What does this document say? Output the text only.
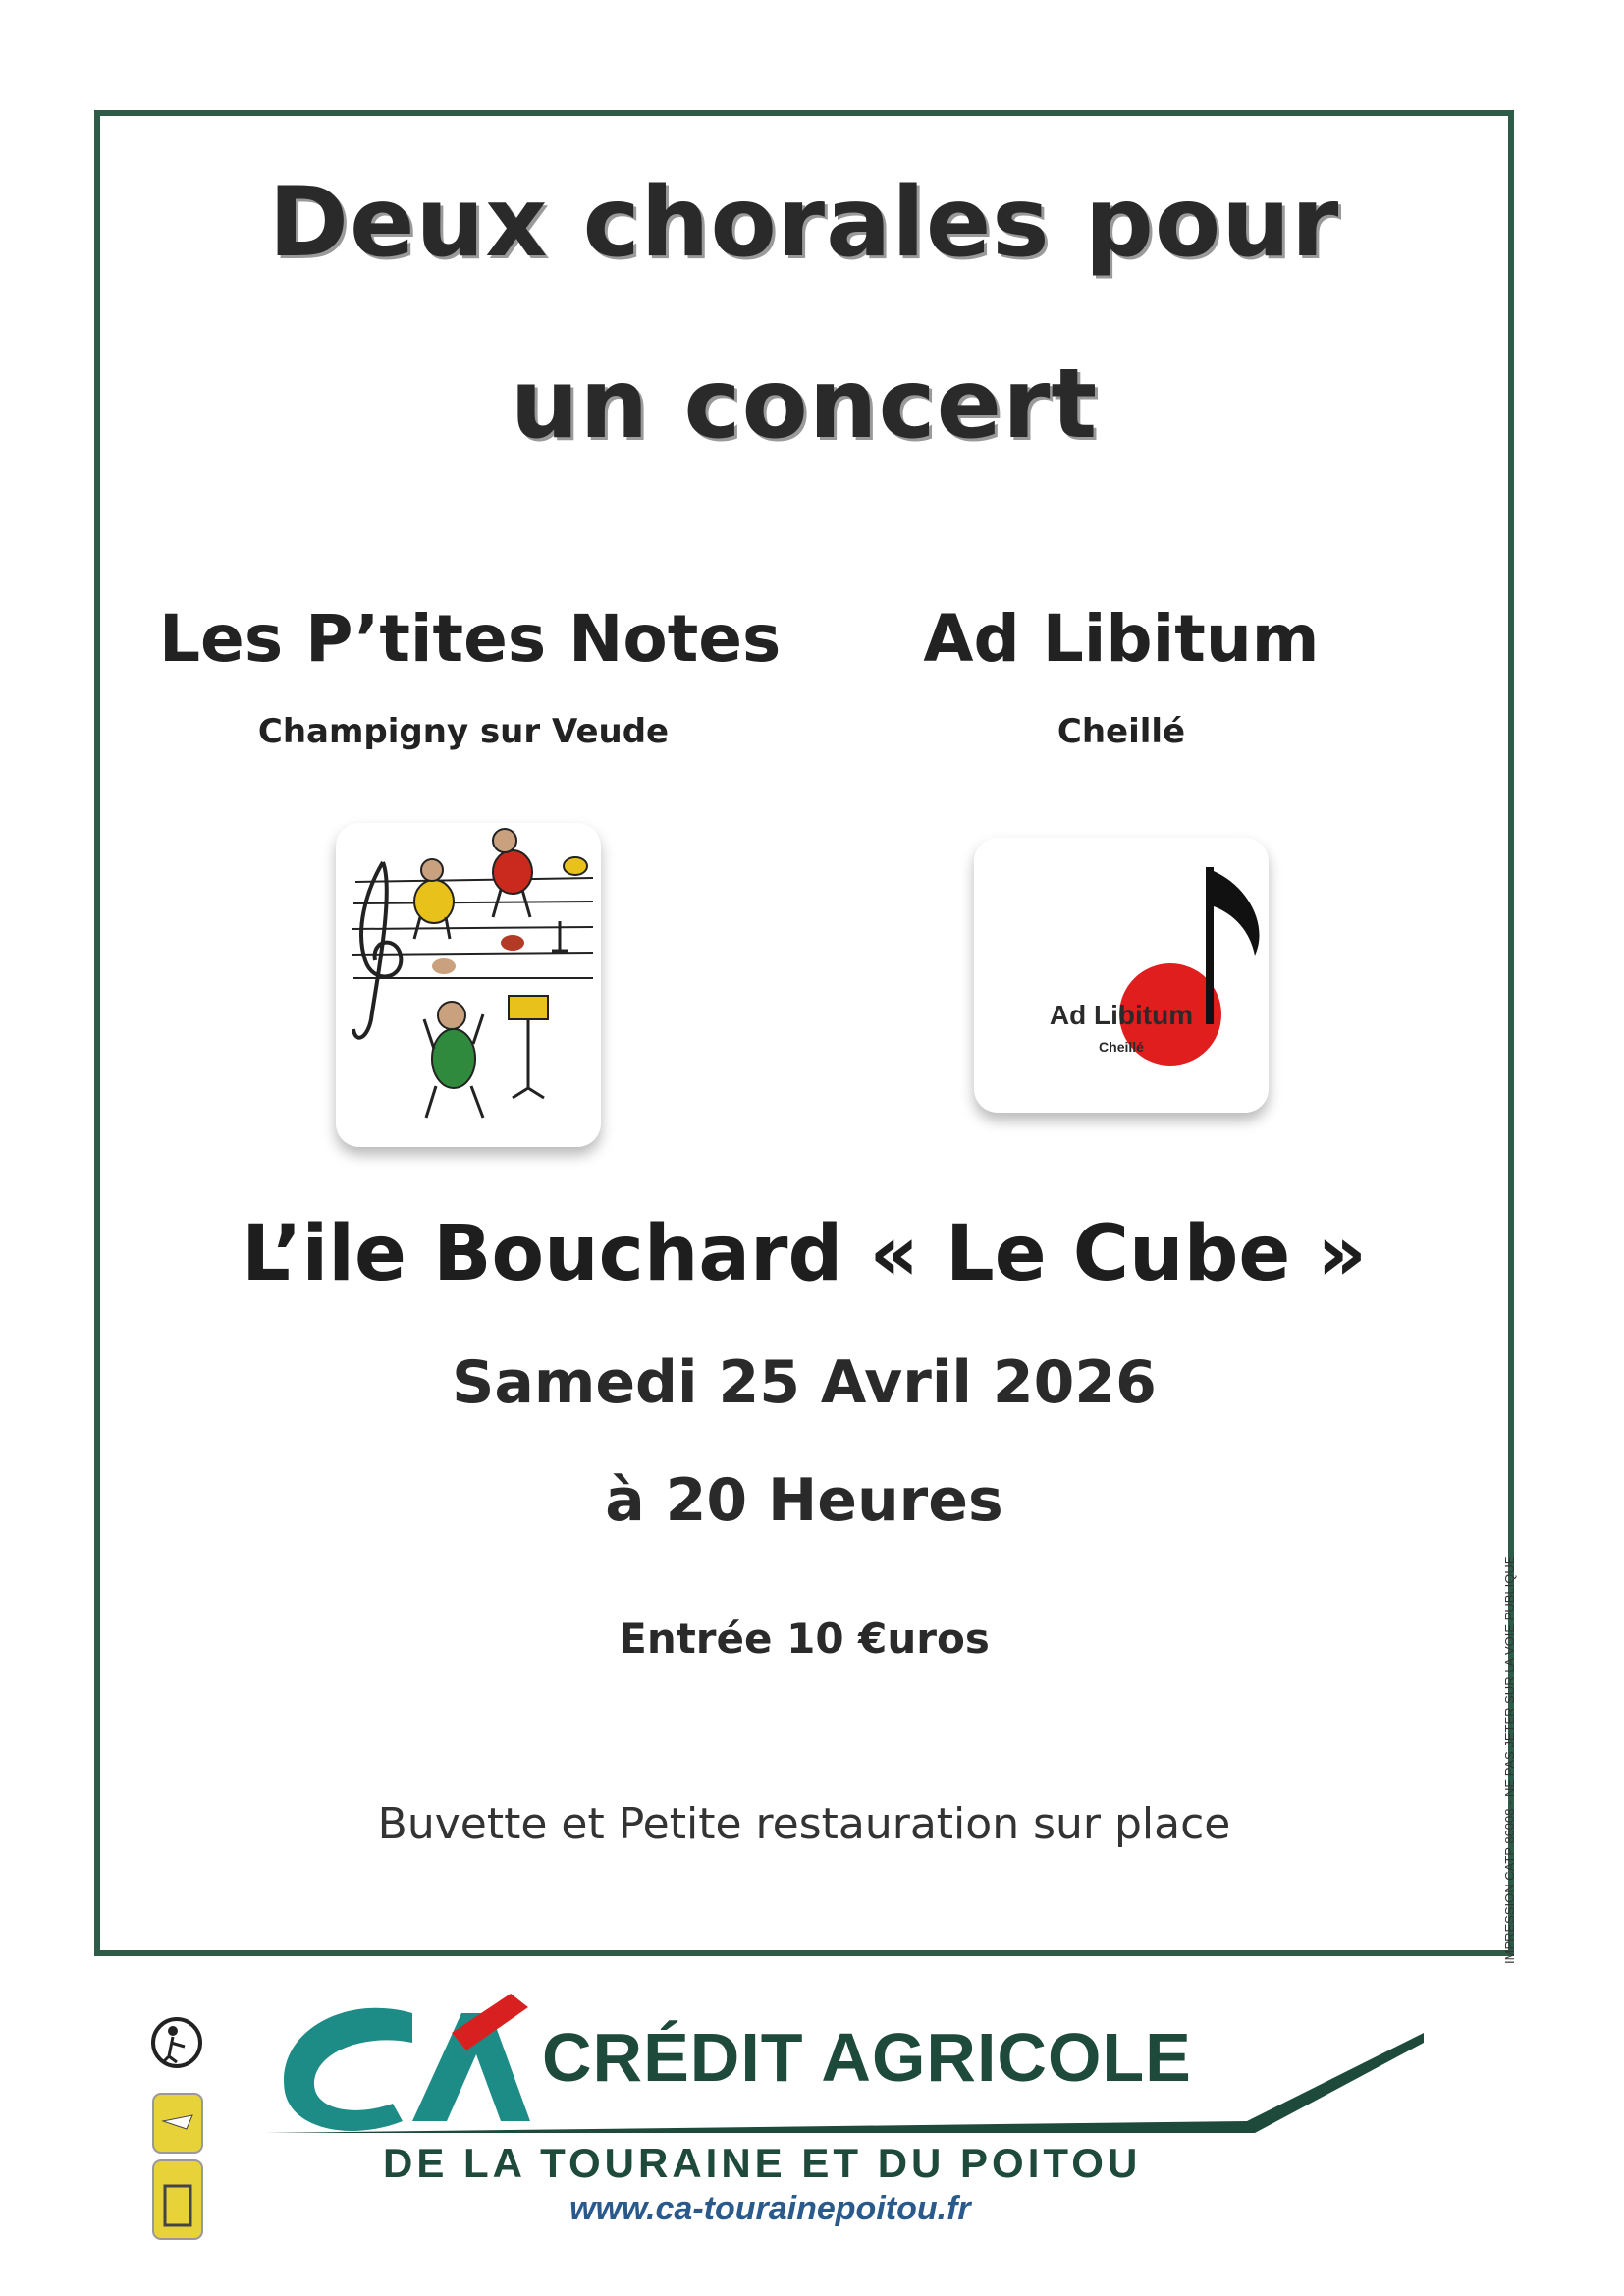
Deux chorales pour
un concert
Les P’tites Notes
Champigny sur Veude
Ad Libitum
Cheillé
Ad Libitum
Cheillé
L’ile Bouchard « Le Cube »
Samedi 25 Avril 2026
à 20 Heures
Entrée 10 €uros
Buvette et Petite restauration sur place	IMPRESSION CATP 86008 - NE PAS JETER SUR LA VOIE PUBLIQUE
CRÉDIT AGRICOLE
DE LA TOURAINE ET DU POITOU
www.ca-tourainepoitou.fr
